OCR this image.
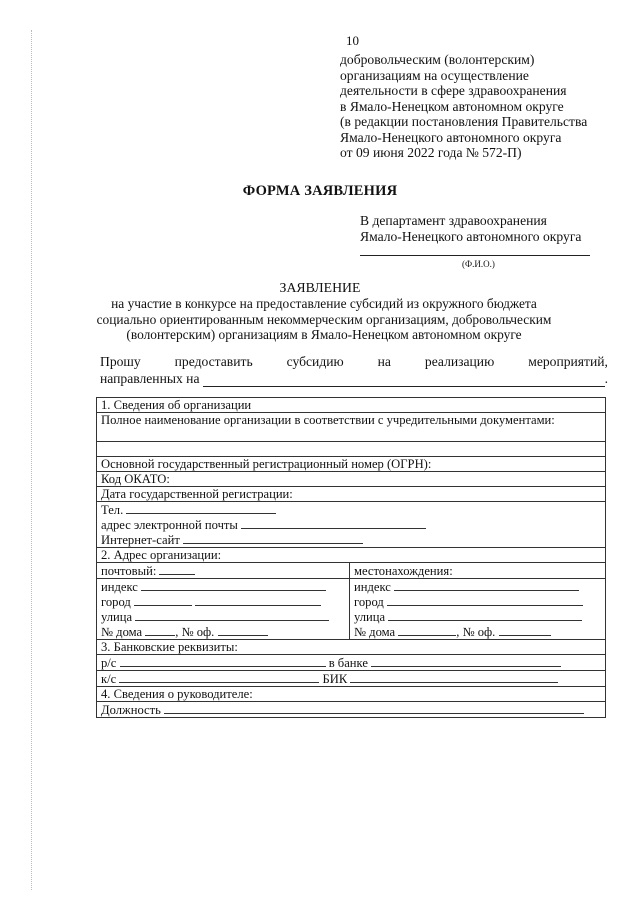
10
добровольческим (волонтерским)
организациям на осуществление
деятельности в сфере здравоохранения
в Ямало-Ненецком автономном округе
(в редакции постановления Правительства
Ямало-Ненецкого автономного округа
от 09 июня 2022 года № 572-П)
ФОРМА ЗАЯВЛЕНИЯ
В департамент здравоохранения
Ямало-Ненецкого автономного округа
(Ф.И.О.)
ЗАЯВЛЕНИЕ
на участие в конкурсе на предоставление субсидий из окружного бюджета
социально ориентированным некоммерческим организациям, добровольческим
(волонтерским) организациям в Ямало-Ненецком автономном округе
Прошу предоставить субсидию на реализацию мероприятий,
направленных на	.
1. Сведения об организации	
Полное наименование организации в соответствии с учредительными документами:	

Основной государственный регистрационный номер (ОГРН):	
Код ОКАТО:	
Дата государственной регистрации:	
Тел.	
адрес электронной почты	
Интернет-сайт	
2. Адрес организации:	
почтовый:	местонахождения:
индекс	индекс
город	город
улица	улица
№ дома , № оф.	№ дома , № оф.
3. Банковские реквизиты:	
р/с в банке	
к/с БИК	
4. Сведения о руководителе:	
Должность	
